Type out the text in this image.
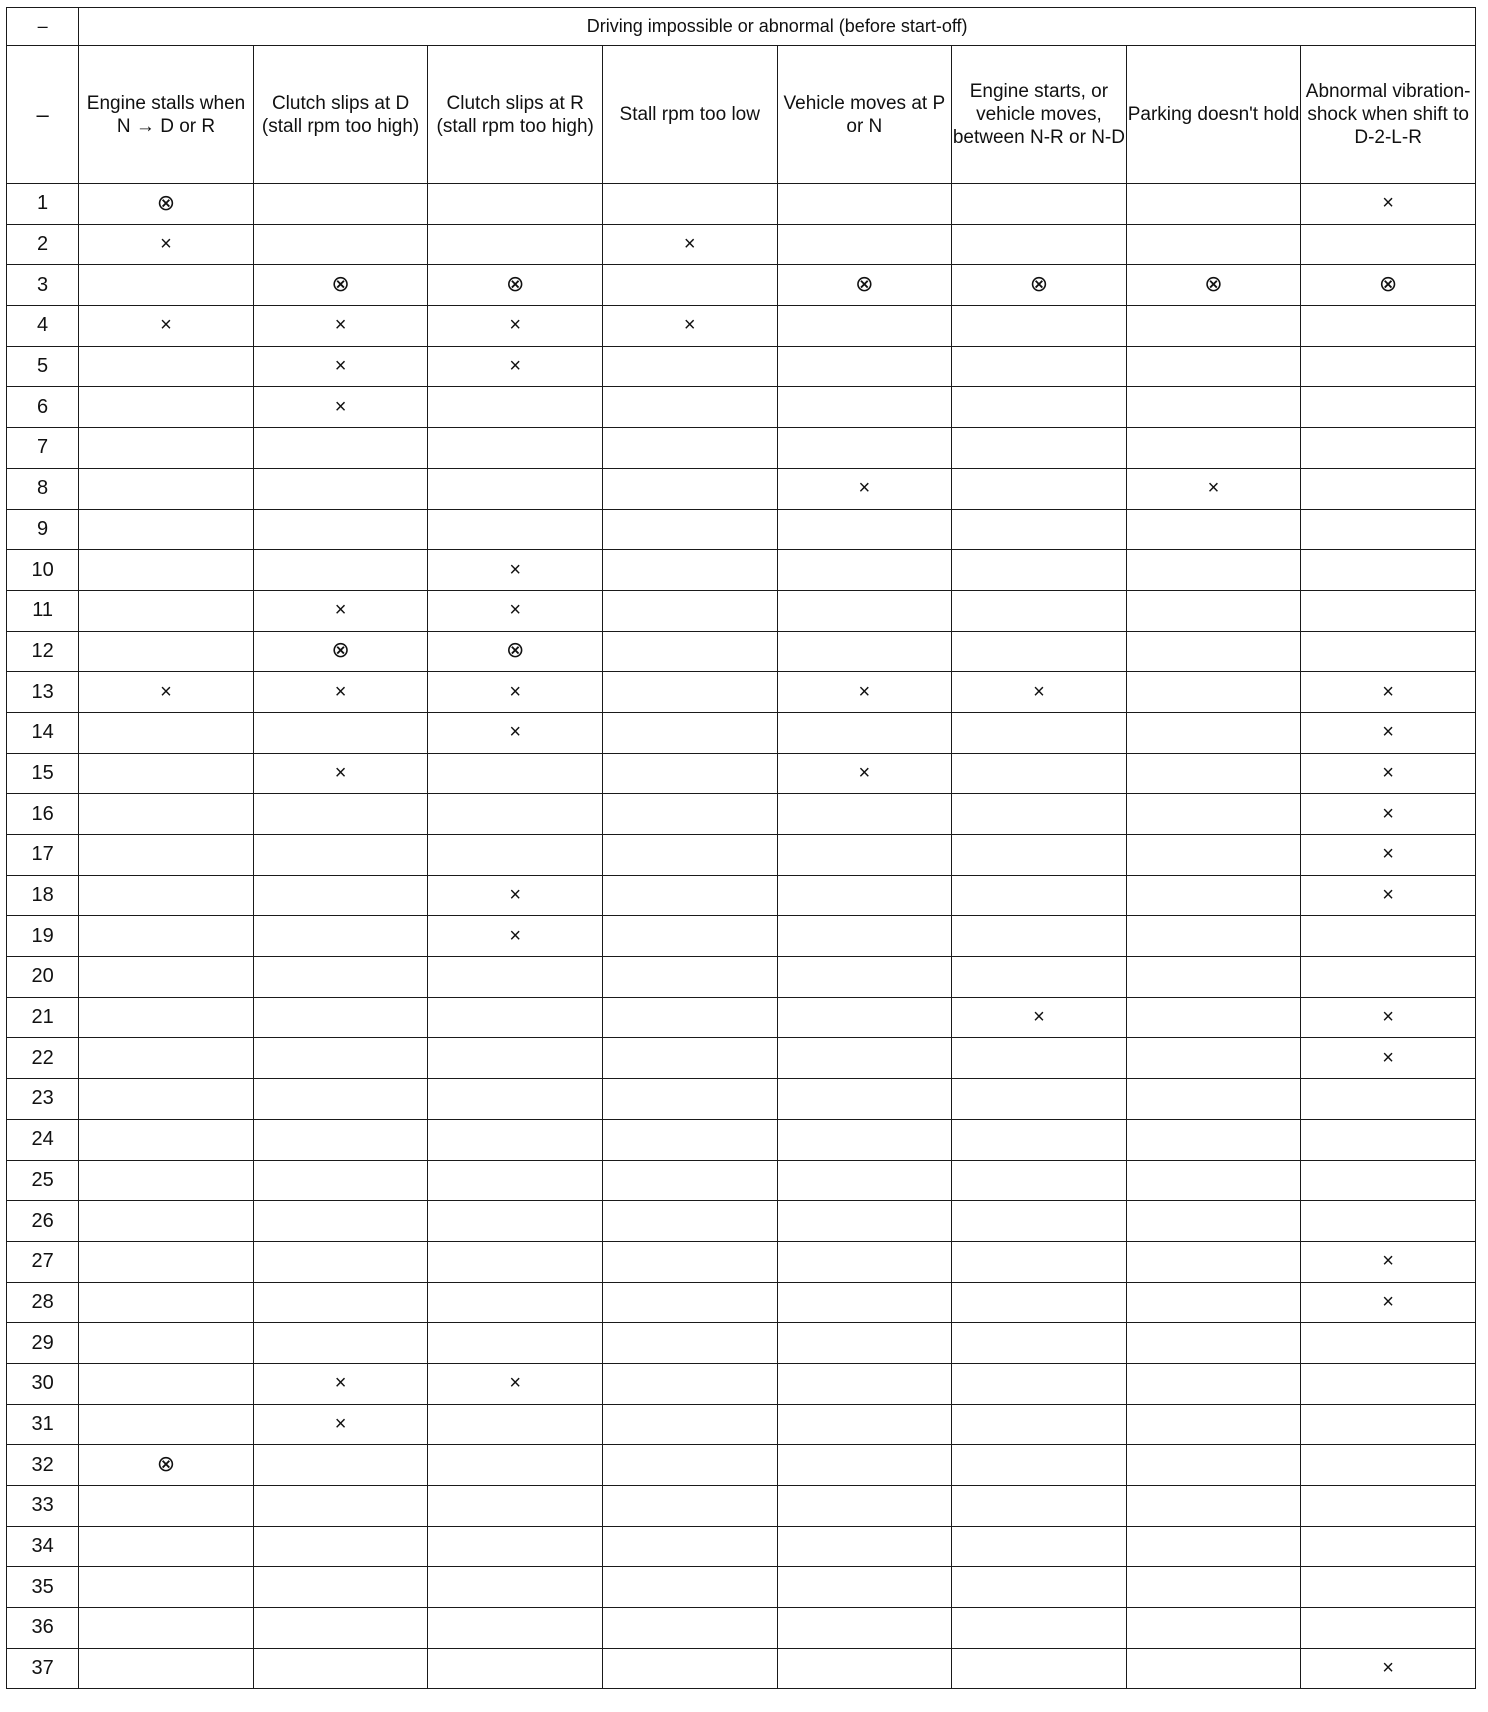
–	Driving impossible or abnormal (before start-off)							
–	Engine stalls when N → D or R	Clutch slips at D (stall rpm too high)	Clutch slips at R (stall rpm too high)	Stall rpm too low	Vehicle moves at P or N	Engine starts, or vehicle moves, between N-R or N-D	Parking doesn't hold	Abnormal vibration-shock when shift to D-2-L-R
1	⊗							×
2	×			×				
3		⊗	⊗		⊗	⊗	⊗	⊗
4	×	×	×	×				
5		×	×					
6		×						
7								
8					×		×	
9								
10			×					
11		×	×					
12		⊗	⊗					
13	×	×	×		×	×		×
14			×					×
15		×			×			×
16								×
17								×
18			×					×
19			×					
20								
21						×		×
22								×
23								
24								
25								
26								
27								×
28								×
29								
30		×	×					
31		×						
32	⊗							
33								
34								
35								
36								
37								×
